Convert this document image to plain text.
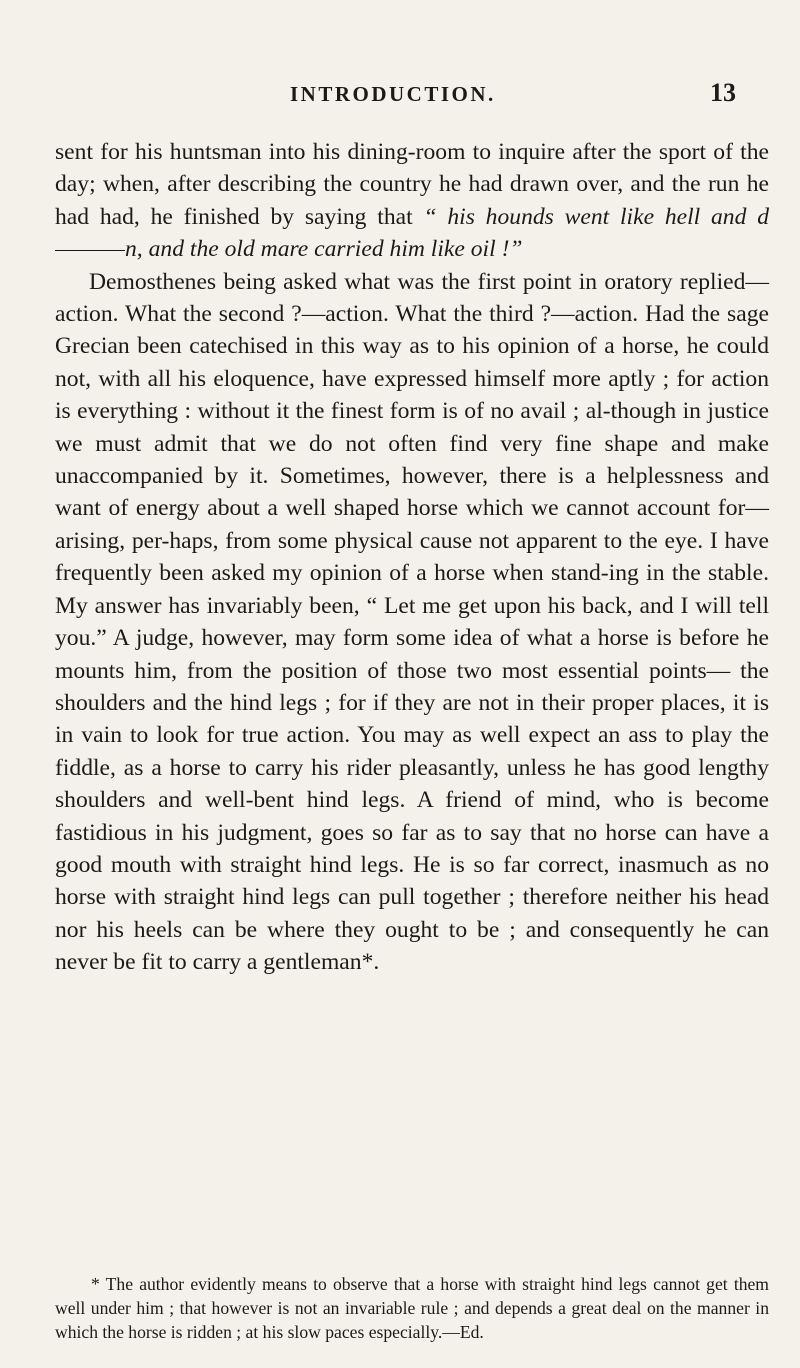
INTRODUCTION.	13

sent for his huntsman into his dining-room to inquire after the sport of the day; when, after describing the country he had drawn over, and the run he had had, he finished by saying that “ his hounds went like hell and dn, and the old mare carried him like oil !”

Demosthenes being asked what was the first point in oratory replied—action. What the second ?—action. What the third ?—action. Had the sage Grecian been catechised in this way as to his opinion of a horse, he could not, with all his eloquence, have expressed himself more aptly ; for action is everything : without it the finest form is of no avail ; al-though in justice we must admit that we do not often find very fine shape and make unaccompanied by it. Sometimes, however, there is a helplessness and want of energy about a well shaped horse which we cannot account for—arising, per-haps, from some physical cause not apparent to the eye. I have frequently been asked my opinion of a horse when stand-ing in the stable. My answer has invariably been, “ Let me get upon his back, and I will tell you.” A judge, however, may form some idea of what a horse is before he mounts him, from the position of those two most essential points— the shoulders and the hind legs ; for if they are not in their proper places, it is in vain to look for true action. You may as well expect an ass to play the fiddle, as a horse to carry his rider pleasantly, unless he has good lengthy shoulders and well-bent hind legs. A friend of mind, who is become fastidious in his judgment, goes so far as to say that no horse can have a good mouth with straight hind legs. He is so far correct, inasmuch as no horse with straight hind legs can pull together ; therefore neither his head nor his heels can be where they ought to be ; and consequently he can never be fit to carry a gentleman*.

* The author evidently means to observe that a horse with straight hind legs cannot get them well under him ; that however is not an invariable rule ; and depends a great deal on the manner in which the horse is ridden ; at his slow paces especially.—Ed.
